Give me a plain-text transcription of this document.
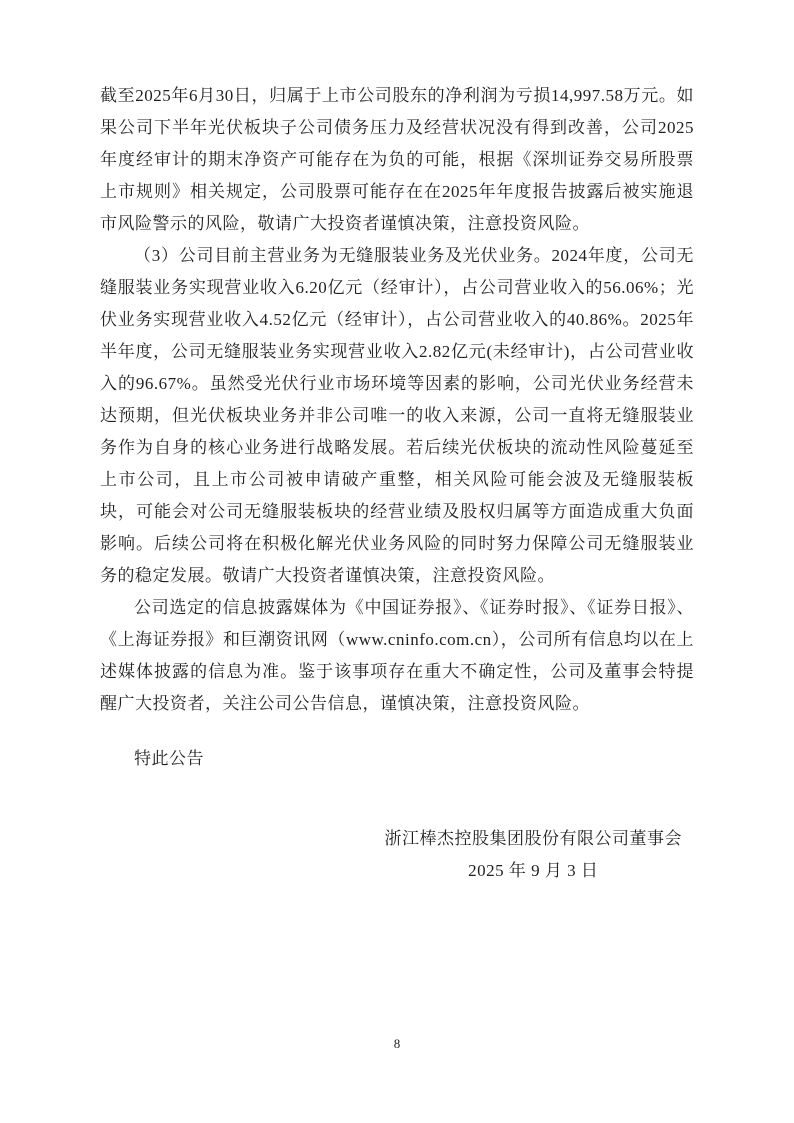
截至2025年6月30日，归属于上市公司股东的净利润为亏损14,997.58万元。如果公司下半年光伏板块子公司债务压力及经营状况没有得到改善，公司2025年度经审计的期末净资产可能存在为负的可能，根据《深圳证券交易所股票上市规则》相关规定，公司股票可能存在在2025年年度报告披露后被实施退市风险警示的风险，敬请广大投资者谨慎决策，注意投资风险。

（3）公司目前主营业务为无缝服装业务及光伏业务。2024年度，公司无缝服装业务实现营业收入6.20亿元（经审计），占公司营业收入的56.06%；光伏业务实现营业收入4.52亿元（经审计），占公司营业收入的40.86%。2025年半年度，公司无缝服装业务实现营业收入2.82亿元(未经审计)，占公司营业收入的96.67%。虽然受光伏行业市场环境等因素的影响，公司光伏业务经营未达预期，但光伏板块业务并非公司唯一的收入来源，公司一直将无缝服装业务作为自身的核心业务进行战略发展。若后续光伏板块的流动性风险蔓延至上市公司，且上市公司被申请破产重整，相关风险可能会波及无缝服装板块，可能会对公司无缝服装板块的经营业绩及股权归属等方面造成重大负面影响。后续公司将在积极化解光伏业务风险的同时努力保障公司无缝服装业务的稳定发展。敬请广大投资者谨慎决策，注意投资风险。

公司选定的信息披露媒体为《中国证券报》、《证券时报》、《证券日报》、《上海证券报》和巨潮资讯网（www.cninfo.com.cn），公司所有信息均以在上述媒体披露的信息为准。鉴于该事项存在重大不确定性，公司及董事会特提醒广大投资者，关注公司公告信息，谨慎决策，注意投资风险。

特此公告

浙江棒杰控股集团股份有限公司董事会
2025 年 9 月 3 日
8
